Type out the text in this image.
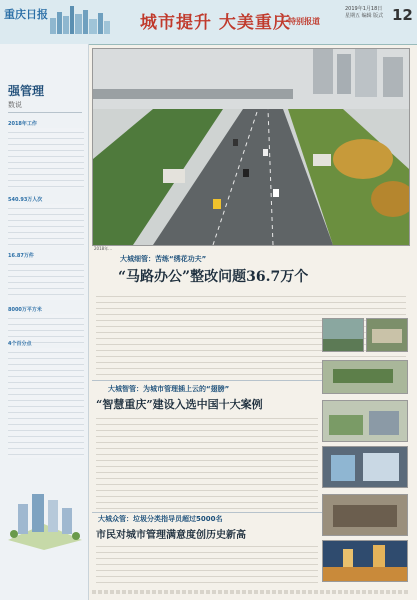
重庆日报	城市提升 大美重庆
·特别报道
2019年1月18日 星期五 编辑 版式 12
强管理
数说
2018年工作
540.93万人次
16.87万件
8000万平方米
4个百分点
2018年...
大城细管：苦练“绣花功夫”
“马路办公”整改问题36.7万个
大城智管：为城市管理插上云的“翅膀”
“智慧重庆”建设入选中国十大案例
大城众管：垃圾分类指导员超过5000名
市民对城市管理满意度创历史新高
